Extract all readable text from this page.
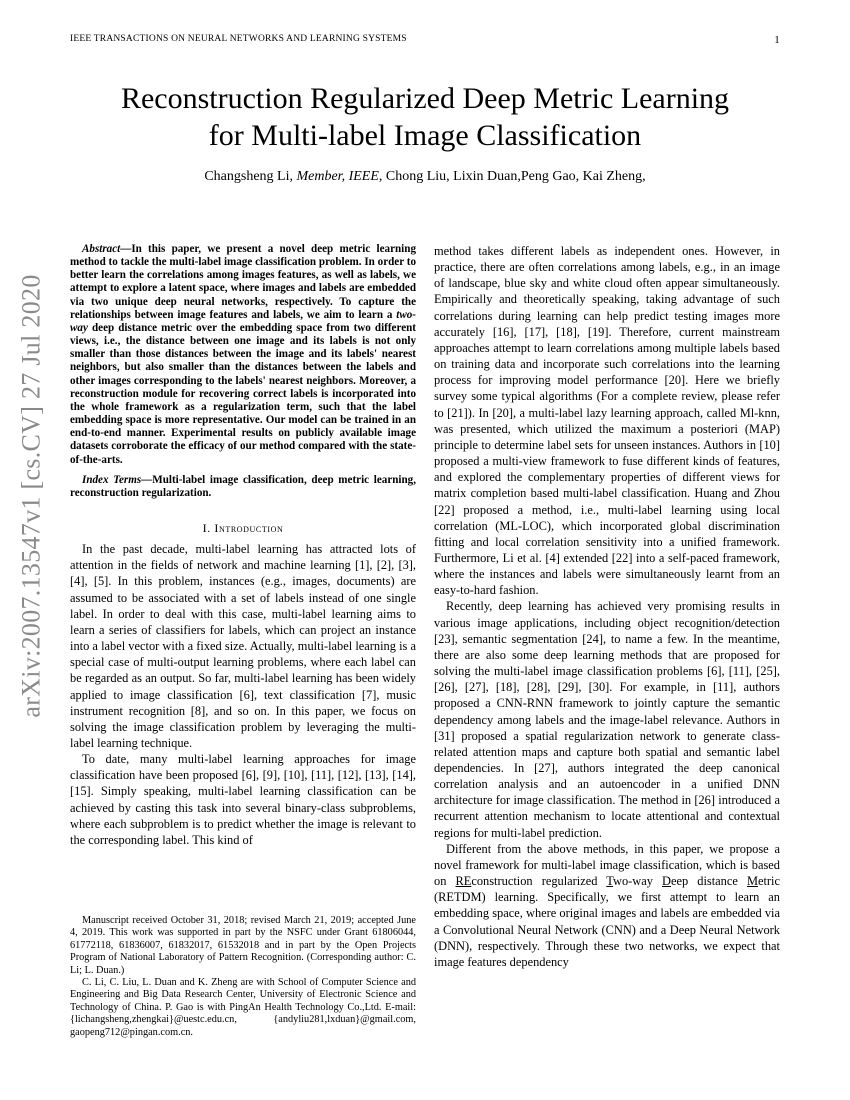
IEEE TRANSACTIONS ON NEURAL NETWORKS AND LEARNING SYSTEMS	1
arXiv:2007.13547v1 [cs.CV] 27 Jul 2020
Reconstruction Regularized Deep Metric Learning
for Multi-label Image Classification
Changsheng Li, Member, IEEE, Chong Liu, Lixin Duan,Peng Gao, Kai Zheng,

Abstract—In this paper, we present a novel deep metric learning method to tackle the multi-label image classification problem. In order to better learn the correlations among images features, as well as labels, we attempt to explore a latent space, where images and labels are embedded via two unique deep neural networks, respectively. To capture the relationships between image features and labels, we aim to learn a two-way deep distance metric over the embedding space from two different views, i.e., the distance between one image and its labels is not only smaller than those distances between the image and its labels' nearest neighbors, but also smaller than the distances between the labels and other images corresponding to the labels' nearest neighbors. Moreover, a reconstruction module for recovering correct labels is incorporated into the whole framework as a regularization term, such that the label embedding space is more representative. Our model can be trained in an end-to-end manner. Experimental results on publicly available image datasets corroborate the efficacy of our method compared with the state-of-the-arts.

Index Terms—Multi-label image classification, deep metric learning, reconstruction regularization.

I. Introduction

In the past decade, multi-label learning has attracted lots of attention in the fields of network and machine learning [1], [2], [3], [4], [5]. In this problem, instances (e.g., images, documents) are assumed to be associated with a set of labels instead of one single label. In order to deal with this case, multi-label learning aims to learn a series of classifiers for labels, which can project an instance into a label vector with a fixed size. Actually, multi-label learning is a special case of multi-output learning problems, where each label can be regarded as an output. So far, multi-label learning has been widely applied to image classification [6], text classification [7], music instrument recognition [8], and so on. In this paper, we focus on solving the image classification problem by leveraging the multi-label learning technique.

To date, many multi-label learning approaches for image classification have been proposed [6], [9], [10], [11], [12], [13], [14], [15]. Simply speaking, multi-label learning classification can be achieved by casting this task into several binary-class subproblems, where each subproblem is to predict whether the image is relevant to the corresponding label. This kind of

Manuscript received October 31, 2018; revised March 21, 2019; accepted June 4, 2019. This work was supported in part by the NSFC under Grant 61806044, 61772118, 61836007, 61832017, 61532018 and in part by the Open Projects Program of National Laboratory of Pattern Recognition. (Corresponding author: C. Li; L. Duan.)

C. Li, C. Liu, L. Duan and K. Zheng are with School of Computer Science and Engineering and Big Data Research Center, University of Electronic Science and Technology of China. P. Gao is with PingAn Health Technology Co.,Ltd. E-mail: {lichangsheng,zhengkai}@uestc.edu.cn, {andyliu281,lxduan}@gmail.com, gaopeng712@pingan.com.cn.

method takes different labels as independent ones. However, in practice, there are often correlations among labels, e.g., in an image of landscape, blue sky and white cloud often appear simultaneously. Empirically and theoretically speaking, taking advantage of such correlations during learning can help predict testing images more accurately [16], [17], [18], [19]. Therefore, current mainstream approaches attempt to learn correlations among multiple labels based on training data and incorporate such correlations into the learning process for improving model performance [20]. Here we briefly survey some typical algorithms (For a complete review, please refer to [21]). In [20], a multi-label lazy learning approach, called Ml-knn, was presented, which utilized the maximum a posteriori (MAP) principle to determine label sets for unseen instances. Authors in [10] proposed a multi-view framework to fuse different kinds of features, and explored the complementary properties of different views for matrix completion based multi-label classification. Huang and Zhou [22] proposed a method, i.e., multi-label learning using local correlation (ML-LOC), which incorporated global discrimination fitting and local correlation sensitivity into a unified framework. Furthermore, Li et al. [4] extended [22] into a self-paced framework, where the instances and labels were simultaneously learnt from an easy-to-hard fashion.

Recently, deep learning has achieved very promising results in various image applications, including object recognition/detection [23], semantic segmentation [24], to name a few. In the meantime, there are also some deep learning methods that are proposed for solving the multi-label image classification problems [6], [11], [25], [26], [27], [18], [28], [29], [30]. For example, in [11], authors proposed a CNN-RNN framework to jointly capture the semantic dependency among labels and the image-label relevance. Authors in [31] proposed a spatial regularization network to generate class-related attention maps and capture both spatial and semantic label dependencies. In [27], authors integrated the deep canonical correlation analysis and an autoencoder in a unified DNN architecture for image classification. The method in [26] introduced a recurrent attention mechanism to locate attentional and contextual regions for multi-label prediction.

Different from the above methods, in this paper, we propose a novel framework for multi-label image classification, which is based on REconstruction regularized Two-way Deep distance Metric (RETDM) learning. Specifically, we first attempt to learn an embedding space, where original images and labels are embedded via a Convolutional Neural Network (CNN) and a Deep Neural Network (DNN), respectively. Through these two networks, we expect that image features dependency
